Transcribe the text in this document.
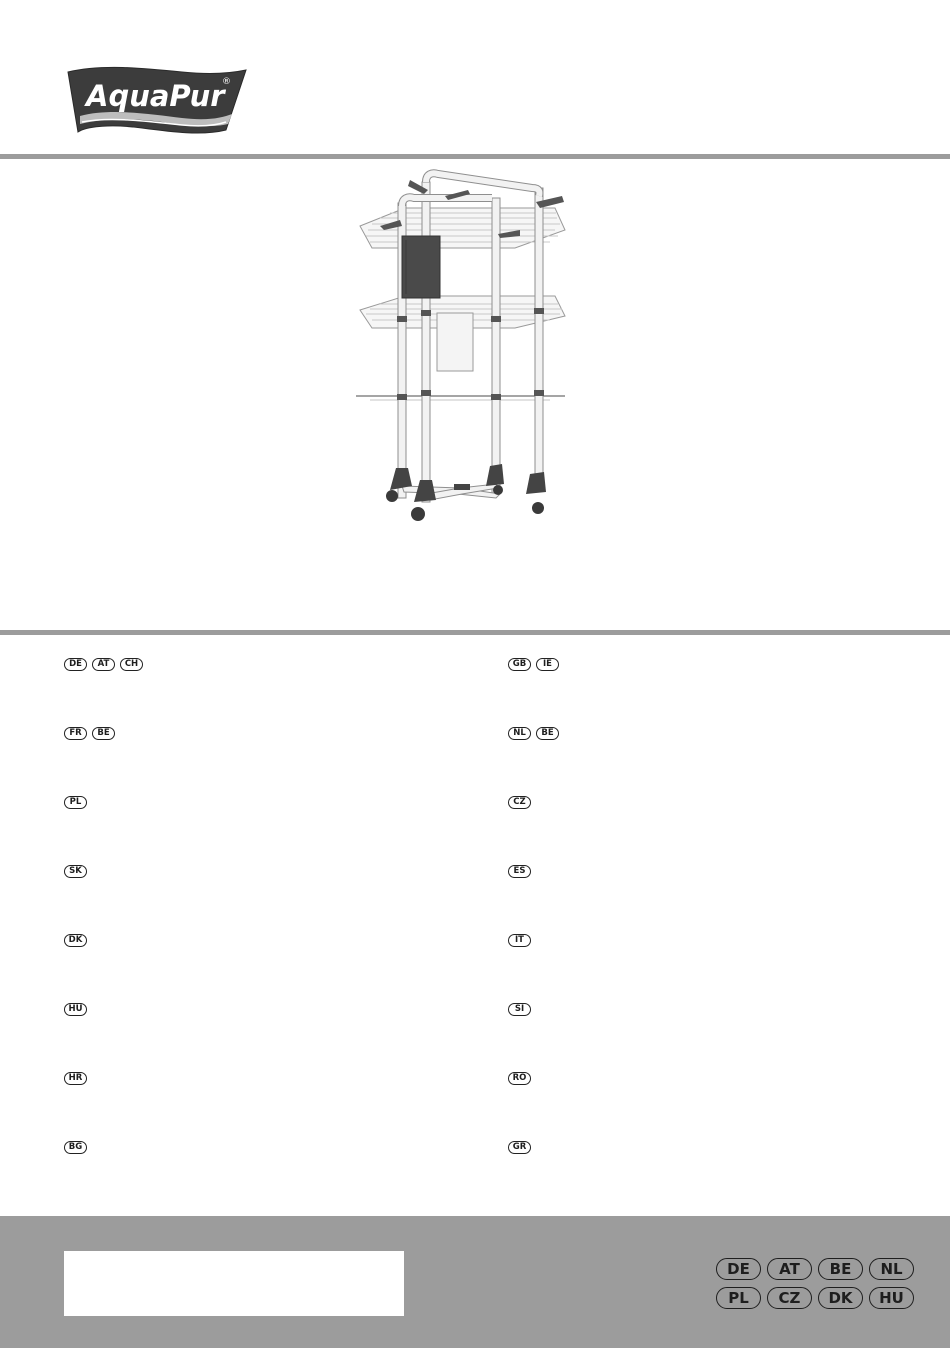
AquaPur
®
DE	AT	CH	GB	IE
FR	BE	NL	BE
PL	CZ
SK	ES
DK	IT
HU	SI
HR	RO
BG	GR
DE	AT	BE	NL
PL	CZ	DK	HU
